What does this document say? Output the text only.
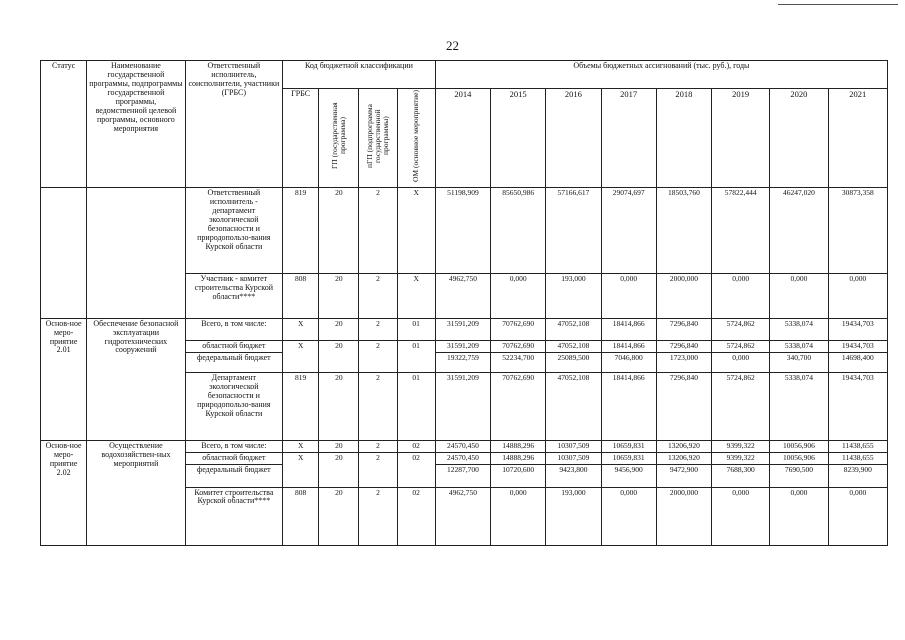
22
Статус	Наименование государственной программы, подпрограммы государственной программы, ведомственной целевой программы, основного мероприятия	Ответственный исполнитель, соисполнители, участники (ГРБС)	Код бюджетной классификации				Объемы бюджетных ассигнований (тыс. руб.), годы							
			ГРБС	ГП (государственная программа)	пГП (подпрограмма государственной программы)	ОМ (основное мероприятие)	2014	2015	2016	2017	2018	2019	2020	2021
		Ответственный исполнитель - департамент экологической безопасности и природопользо-вания Курской области	819	20	2	X	51198,909	85650,986	57166,617	29074,697	18503,760	57822,444	46247,020	30873,358
		Участник - комитет строительства Курской области****	808	20	2	X	4962,750	0,000	193,000	0,000	2000,000	0,000	0,000	0,000
Основ-ное меро-приятие 2.01	Обеспечение безопасной эксплуатации гидротехнических сооружений	Всего, в том числе:	X	20	2	01	31591,209	70762,690	47052,108	18414,866	7296,840	5724,862	5338,074	19434,703
		областной бюджет	X	20	2	01	31591,209	70762,690	47052,108	18414,866	7296,840	5724,862	5338,074	19434,703
		федеральный бюджет					19322,759	52234,700	25089,500	7046,800	1723,000	0,000	340,700	14698,400
		Департамент экологической безопасности и природопользо-вания Курской области	819	20	2	01	31591,209	70762,690	47052,108	18414,866	7296,840	5724,862	5338,074	19434,703
Основ-ное меро-приятие 2.02	Осуществление водохозяйствен-ных мероприятий	Всего, в том числе:	X	20	2	02	24570,450	14888,296	10307,509	10659,831	13206,920	9399,322	10056,906	11438,655
		областной бюджет	X	20	2	02	24570,450	14888,296	10307,509	10659,831	13206,920	9399,322	10056,906	11438,655
		федеральный бюджет					12287,700	10720,600	9423,800	9456,900	9472,900	7688,300	7690,500	8239,900
		Комитет строительства Курской области****	808	20	2	02	4962,750	0,000	193,000	0,000	2000,000	0,000	0,000	0,000
